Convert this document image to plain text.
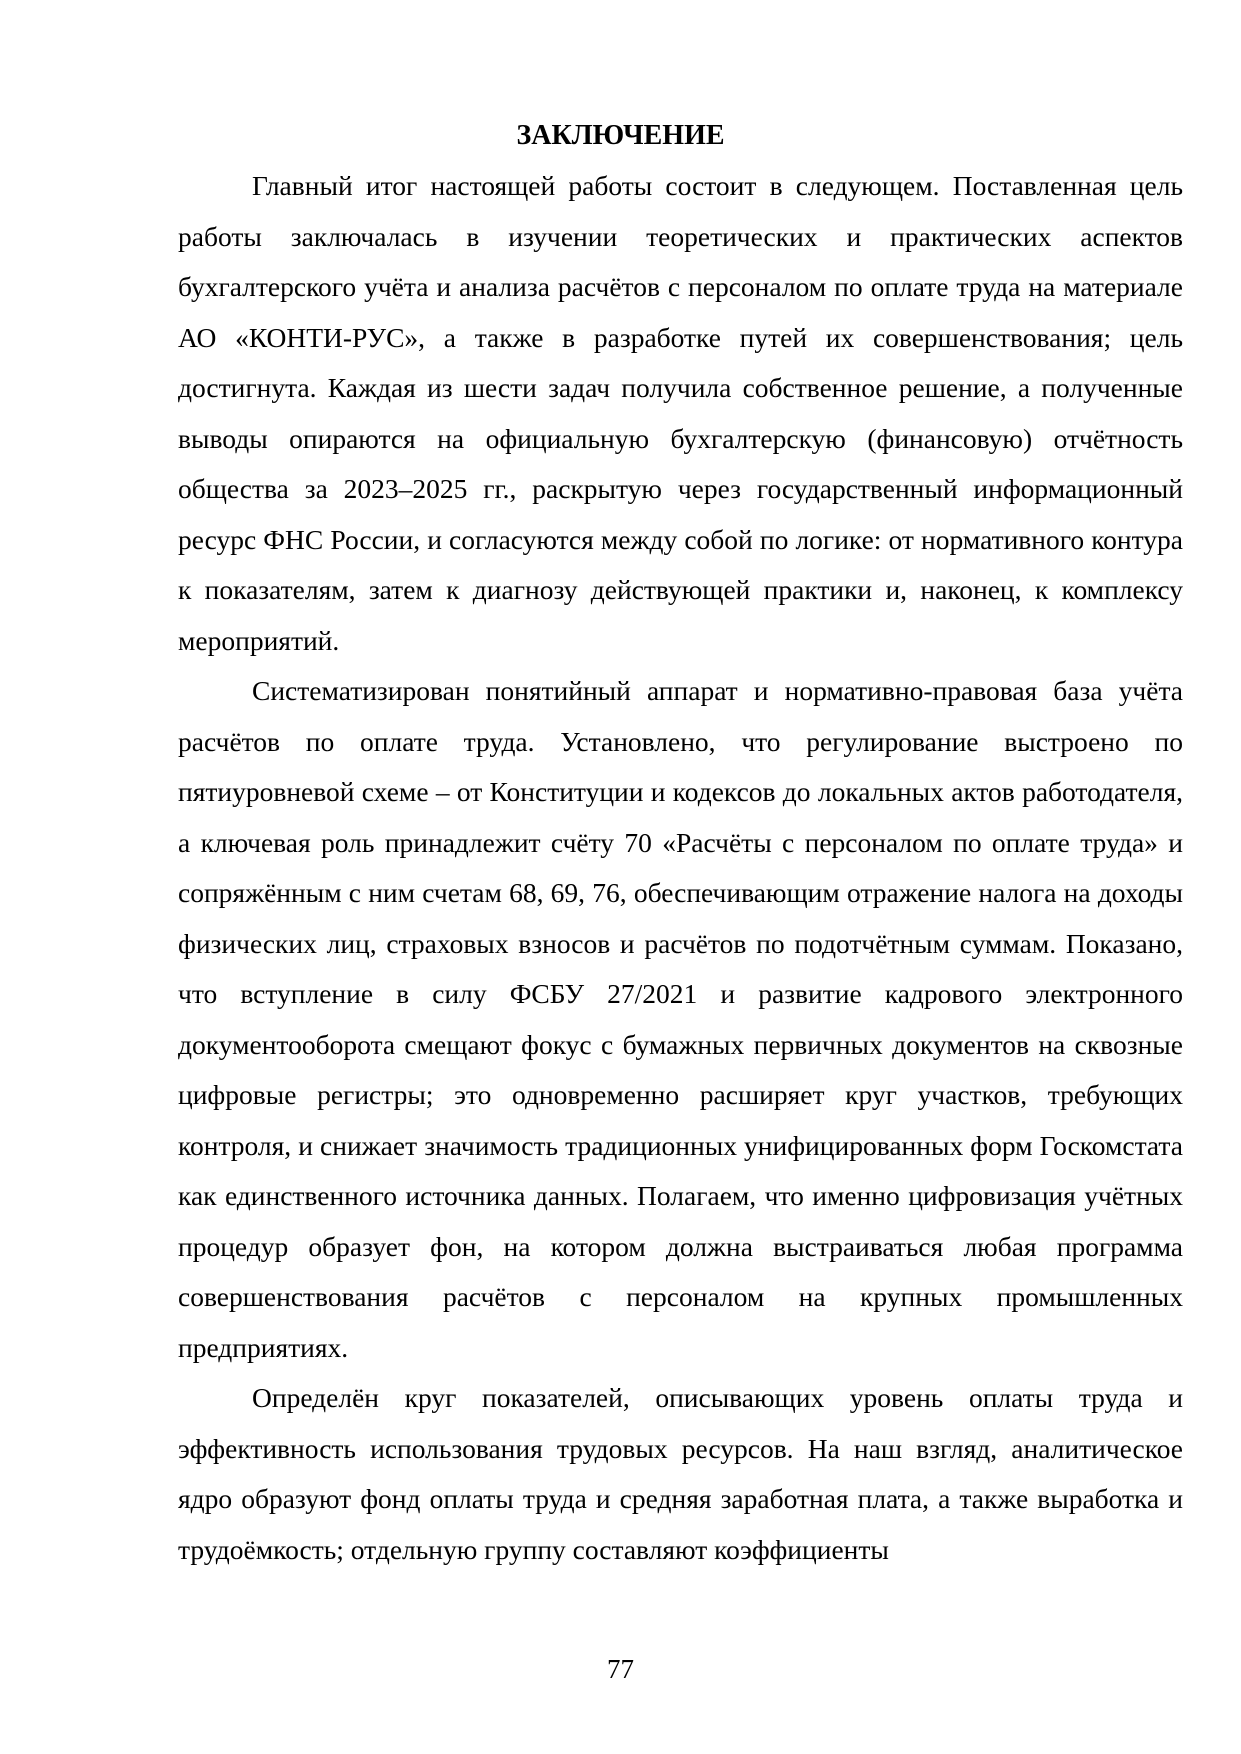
ЗАКЛЮЧЕНИЕ

Главный итог настоящей работы состоит в следующем. Поставленная цель работы заключалась в изучении теоретических и практических аспектов бухгалтерского учёта и анализа расчётов с персоналом по оплате труда на материале АО «КОНТИ-РУС», а также в разработке путей их совершенствования; цель достигнута. Каждая из шести задач получила собственное решение, а полученные выводы опираются на официальную бухгалтерскую (финансовую) отчётность общества за 2023–2025 гг., раскрытую через государственный информационный ресурс ФНС России, и согласуются между собой по логике: от нормативного контура к показателям, затем к диагнозу действующей практики и, наконец, к комплексу мероприятий.

Систематизирован понятийный аппарат и нормативно-правовая база учёта расчётов по оплате труда. Установлено, что регулирование выстроено по пятиуровневой схеме – от Конституции и кодексов до локальных актов работодателя, а ключевая роль принадлежит счёту 70 «Расчёты с персоналом по оплате труда» и сопряжённым с ним счетам 68, 69, 76, обеспечивающим отражение налога на доходы физических лиц, страховых взносов и расчётов по подотчётным суммам. Показано, что вступление в силу ФСБУ 27/2021 и развитие кадрового электронного документооборота смещают фокус с бумажных первичных документов на сквозные цифровые регистры; это одновременно расширяет круг участков, требующих контроля, и снижает значимость традиционных унифицированных форм Госкомстата как единственного источника данных. Полагаем, что именно цифровизация учётных процедур образует фон, на котором должна выстраиваться любая программа совершенствования расчётов с персоналом на крупных промышленных предприятиях.

Определён круг показателей, описывающих уровень оплаты труда и эффективность использования трудовых ресурсов. На наш взгляд, аналитическое ядро образуют фонд оплаты труда и средняя заработная плата, а также выработка и трудоёмкость; отдельную группу составляют коэффициенты

77
